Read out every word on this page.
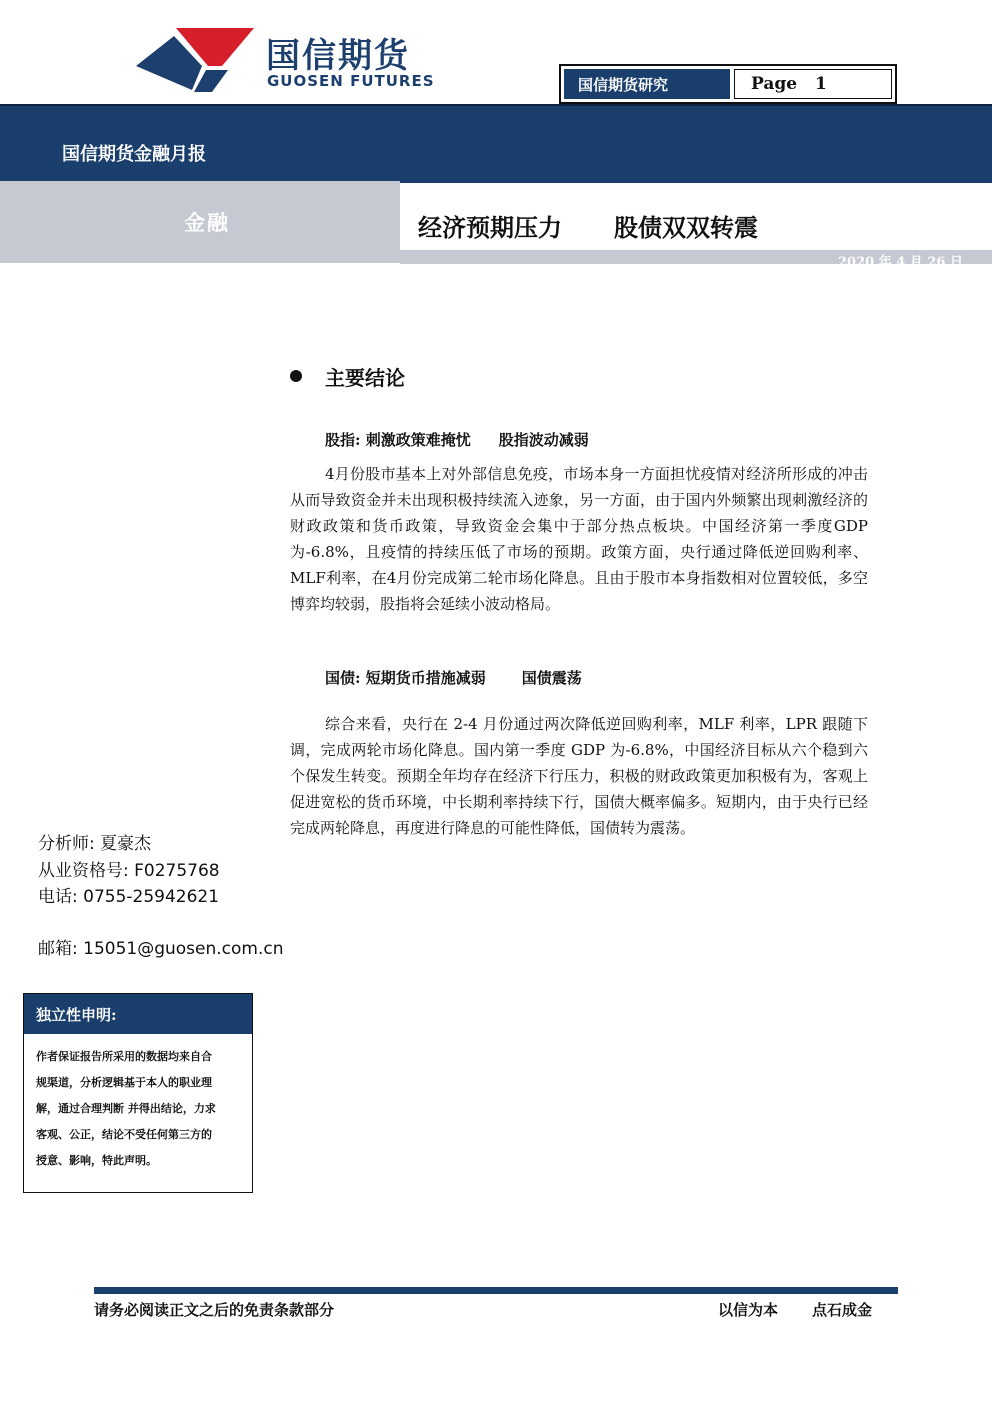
国信期货
GUOSEN FUTURES	国信期货研究	Page 1
国信期货金融月报
金融	经济预期压力 股债双双转震
2020 年 4 月 26 日
主要结论
股指: 刺激政策难掩忧 股指波动减弱
4月份股市基本上对外部信息免疫，市场本身一方面担忧疫情对经济所形成的冲击从而导致资金并未出现积极持续流入迹象，另一方面，由于国内外频繁出现刺激经济的财政政策和货币政策，导致资金会集中于部分热点板块。中国经济第一季度GDP为-6.8%，且疫情的持续压低了市场的预期。政策方面，央行通过降低逆回购利率、MLF利率，在4月份完成第二轮市场化降息。且由于股市本身指数相对位置较低，多空博弈均较弱，股指将会延续小波动格局。
国债: 短期货币措施减弱 国债震荡
综合来看，央行在 2-4 月份通过两次降低逆回购利率，MLF 利率，LPR 跟随下调，完成两轮市场化降息。国内第一季度 GDP 为-6.8%，中国经济目标从六个稳到六个保发生转变。预期全年均存在经济下行压力，积极的财政政策更加积极有为，客观上促进宽松的货币环境，中长期利率持续下行，国债大概率偏多。短期内，由于央行已经完成两轮降息，再度进行降息的可能性降低，国债转为震荡。
分析师: 夏豪杰
从业资格号: F0275768
电话: 0755-25942621
邮箱: 15051@guosen.com.cn
独立性申明:
作者保证报告所采用的数据均来自合
规渠道，分析逻辑基于本人的职业理
解，通过合理判断 并得出结论，力求
客观、公正，结论不受任何第三方的
授意、影响，特此声明。
请务必阅读正文之后的免责条款部分	以信为本 点石成金
